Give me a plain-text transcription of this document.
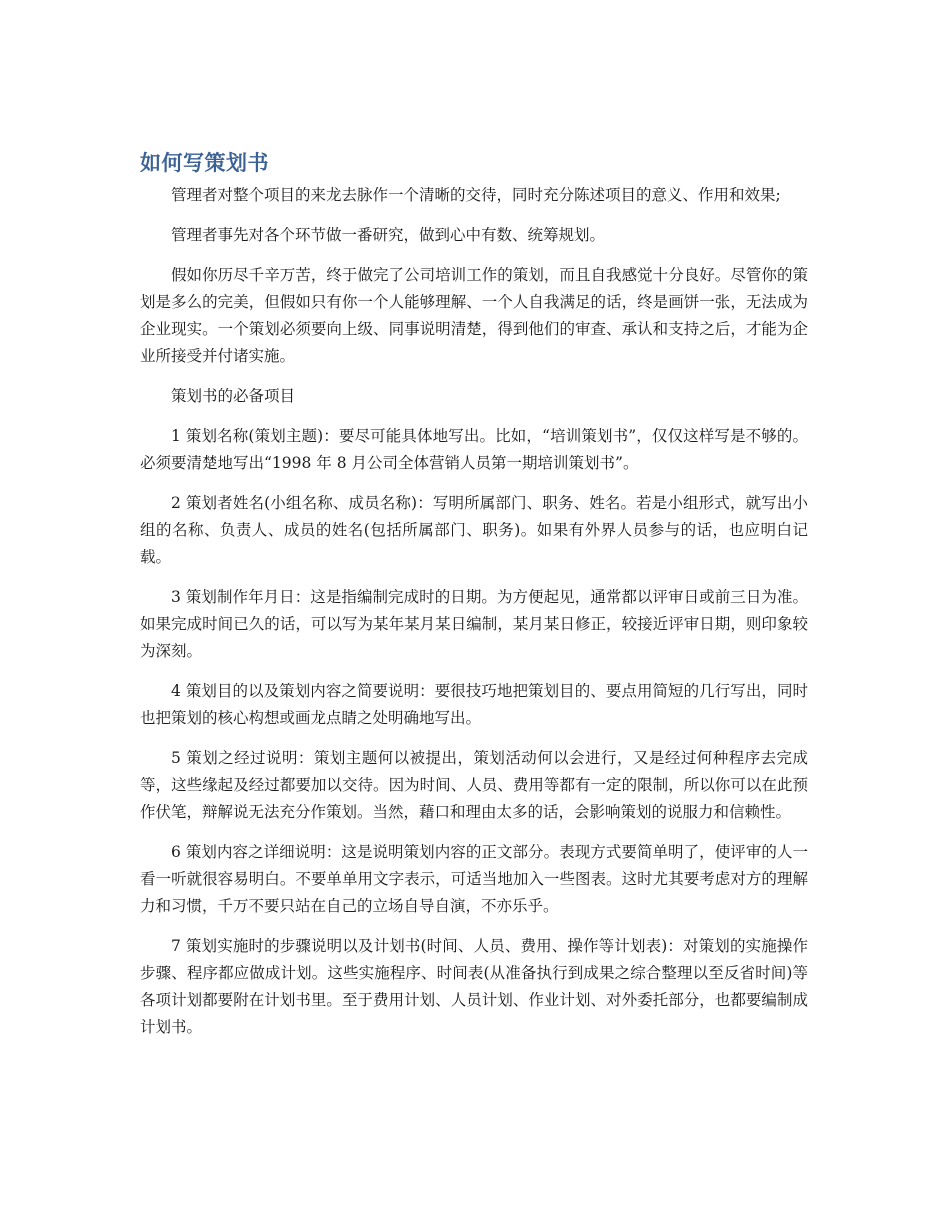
如何写策划书

管理者对整个项目的来龙去脉作一个清晰的交待，同时充分陈述项目的意义、作用和效果;

管理者事先对各个环节做一番研究，做到心中有数、统筹规划。

假如你历尽千辛万苦，终于做完了公司培训工作的策划，而且自我感觉十分良好。尽管你的策划是多么的完美，但假如只有你一个人能够理解、一个人自我满足的话，终是画饼一张，无法成为企业现实。一个策划必须要向上级、同事说明清楚，得到他们的审查、承认和支持之后，才能为企业所接受并付诸实施。

策划书的必备项目

1 策划名称(策划主题)：要尽可能具体地写出。比如，“培训策划书”，仅仅这样写是不够的。必须要清楚地写出“1998 年 8 月公司全体营销人员第一期培训策划书”。

2 策划者姓名(小组名称、成员名称)：写明所属部门、职务、姓名。若是小组形式，就写出小组的名称、负责人、成员的姓名(包括所属部门、职务)。如果有外界人员参与的话，也应明白记载。

3 策划制作年月日：这是指编制完成时的日期。为方便起见，通常都以评审日或前三日为准。如果完成时间已久的话，可以写为某年某月某日编制，某月某日修正，较接近评审日期，则印象较为深刻。

4 策划目的以及策划内容之简要说明：要很技巧地把策划目的、要点用简短的几行写出，同时也把策划的核心构想或画龙点睛之处明确地写出。

5 策划之经过说明：策划主题何以被提出，策划活动何以会进行，又是经过何种程序去完成等，这些缘起及经过都要加以交待。因为时间、人员、费用等都有一定的限制，所以你可以在此预作伏笔，辩解说无法充分作策划。当然，藉口和理由太多的话，会影响策划的说服力和信赖性。

6 策划内容之详细说明：这是说明策划内容的正文部分。表现方式要简单明了，使评审的人一看一听就很容易明白。不要单单用文字表示，可适当地加入一些图表。这时尤其要考虑对方的理解力和习惯，千万不要只站在自己的立场自导自演，不亦乐乎。

7 策划实施时的步骤说明以及计划书(时间、人员、费用、操作等计划表)：对策划的实施操作步骤、程序都应做成计划。这些实施程序、时间表(从准备执行到成果之综合整理以至反省时间)等各项计划都要附在计划书里。至于费用计划、人员计划、作业计划、对外委托部分，也都要编制成计划书。
